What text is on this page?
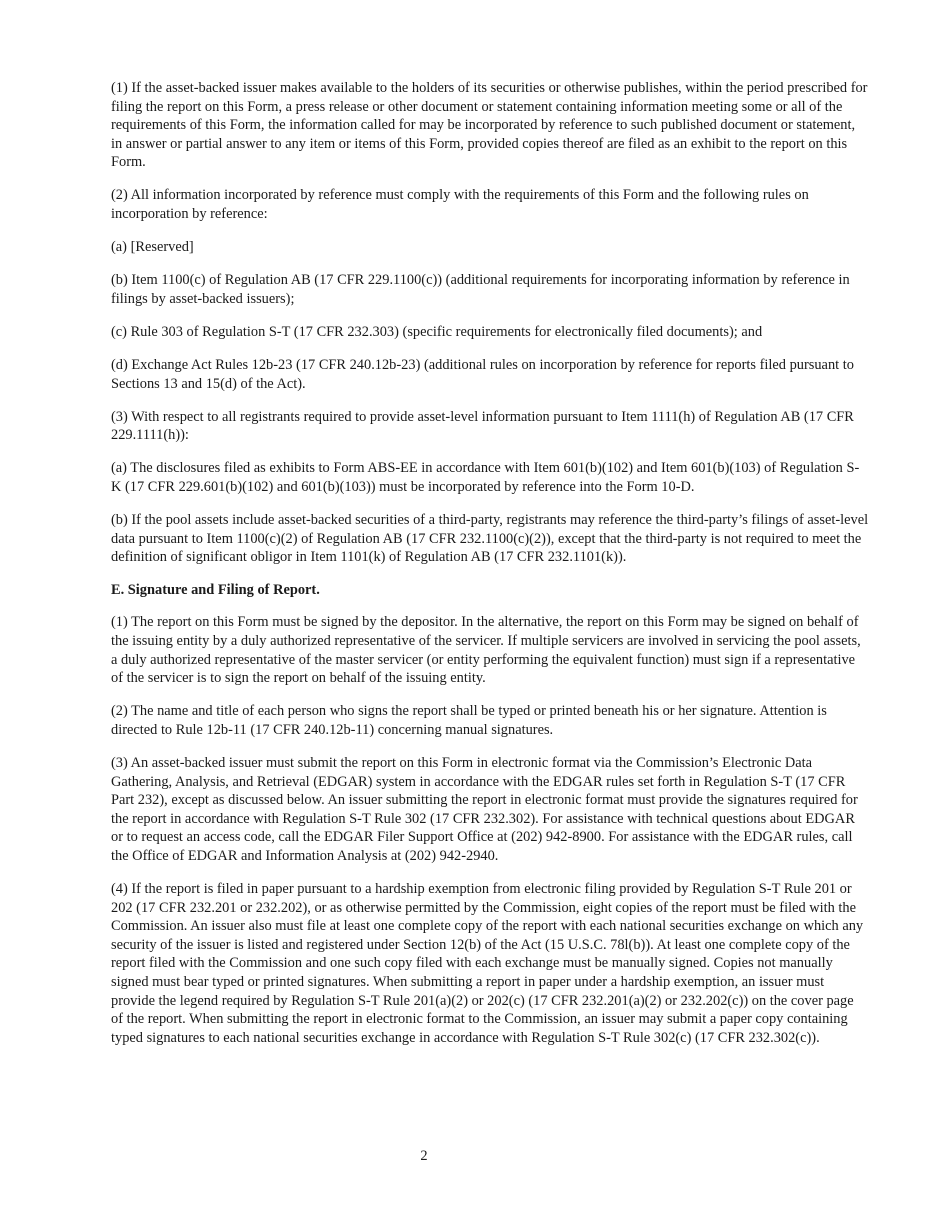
(1) If the asset-backed issuer makes available to the holders of its securities or otherwise publishes, within the period prescribed for filing the report on this Form, a press release or other document or statement containing information meeting some or all of the requirements of this Form, the information called for may be incorporated by reference to such published document or statement, in answer or partial answer to any item or items of this Form, provided copies thereof are filed as an exhibit to the report on this Form.

(2) All information incorporated by reference must comply with the requirements of this Form and the following rules on incorporation by reference:

(a) [Reserved]

(b) Item 1100(c) of Regulation AB (17 CFR 229.1100(c)) (additional requirements for incorporating information by reference in filings by asset-backed issuers);

(c) Rule 303 of Regulation S-T (17 CFR 232.303) (specific requirements for electronically filed documents); and

(d) Exchange Act Rules 12b-23 (17 CFR 240.12b-23) (additional rules on incorporation by reference for reports filed pursuant to Sections 13 and 15(d) of the Act).

(3) With respect to all registrants required to provide asset-level information pursuant to Item 1111(h) of Regulation AB (17 CFR 229.1111(h)):

(a) The disclosures filed as exhibits to Form ABS-EE in accordance with Item 601(b)(102) and Item 601(b)(103) of Regulation S-K (17 CFR 229.601(b)(102) and 601(b)(103)) must be incorporated by reference into the Form 10-D.

(b) If the pool assets include asset-backed securities of a third-party, registrants may reference the third-party’s filings of asset-level data pursuant to Item 1100(c)(2) of Regulation AB (17 CFR 232.1100(c)(2)), except that the third-party is not required to meet the definition of significant obligor in Item 1101(k) of Regulation AB (17 CFR 232.1101(k)).

E. Signature and Filing of Report.

(1) The report on this Form must be signed by the depositor. In the alternative, the report on this Form may be signed on behalf of the issuing entity by a duly authorized representative of the servicer. If multiple servicers are involved in servicing the pool assets, a duly authorized representative of the master servicer (or entity performing the equivalent function) must sign if a representative of the servicer is to sign the report on behalf of the issuing entity.

(2) The name and title of each person who signs the report shall be typed or printed beneath his or her signature. Attention is directed to Rule 12b-11 (17 CFR 240.12b-11) concerning manual signatures.

(3) An asset-backed issuer must submit the report on this Form in electronic format via the Commission’s Electronic Data Gathering, Analysis, and Retrieval (EDGAR) system in accordance with the EDGAR rules set forth in Regulation S-T (17 CFR Part 232), except as discussed below. An issuer submitting the report in electronic format must provide the signatures required for the report in accordance with Regulation S-T Rule 302 (17 CFR 232.302). For assistance with technical questions about EDGAR or to request an access code, call the EDGAR Filer Support Office at (202) 942-8900. For assistance with the EDGAR rules, call the Office of EDGAR and Information Analysis at (202) 942-2940.

(4) If the report is filed in paper pursuant to a hardship exemption from electronic filing provided by Regulation S-T Rule 201 or 202 (17 CFR 232.201 or 232.202), or as otherwise permitted by the Commission, eight copies of the report must be filed with the Commission. An issuer also must file at least one complete copy of the report with each national securities exchange on which any security of the issuer is listed and registered under Section 12(b) of the Act (15 U.S.C. 78l(b)). At least one complete copy of the report filed with the Commission and one such copy filed with each exchange must be manually signed. Copies not manually signed must bear typed or printed signatures. When submitting a report in paper under a hardship exemption, an issuer must provide the legend required by Regulation S-T Rule 201(a)(2) or 202(c) (17 CFR 232.201(a)(2) or 232.202(c)) on the cover page of the report. When submitting the report in electronic format to the Commission, an issuer may submit a paper copy containing typed signatures to each national securities exchange in accordance with Regulation S-T Rule 302(c) (17 CFR 232.302(c)).

2
